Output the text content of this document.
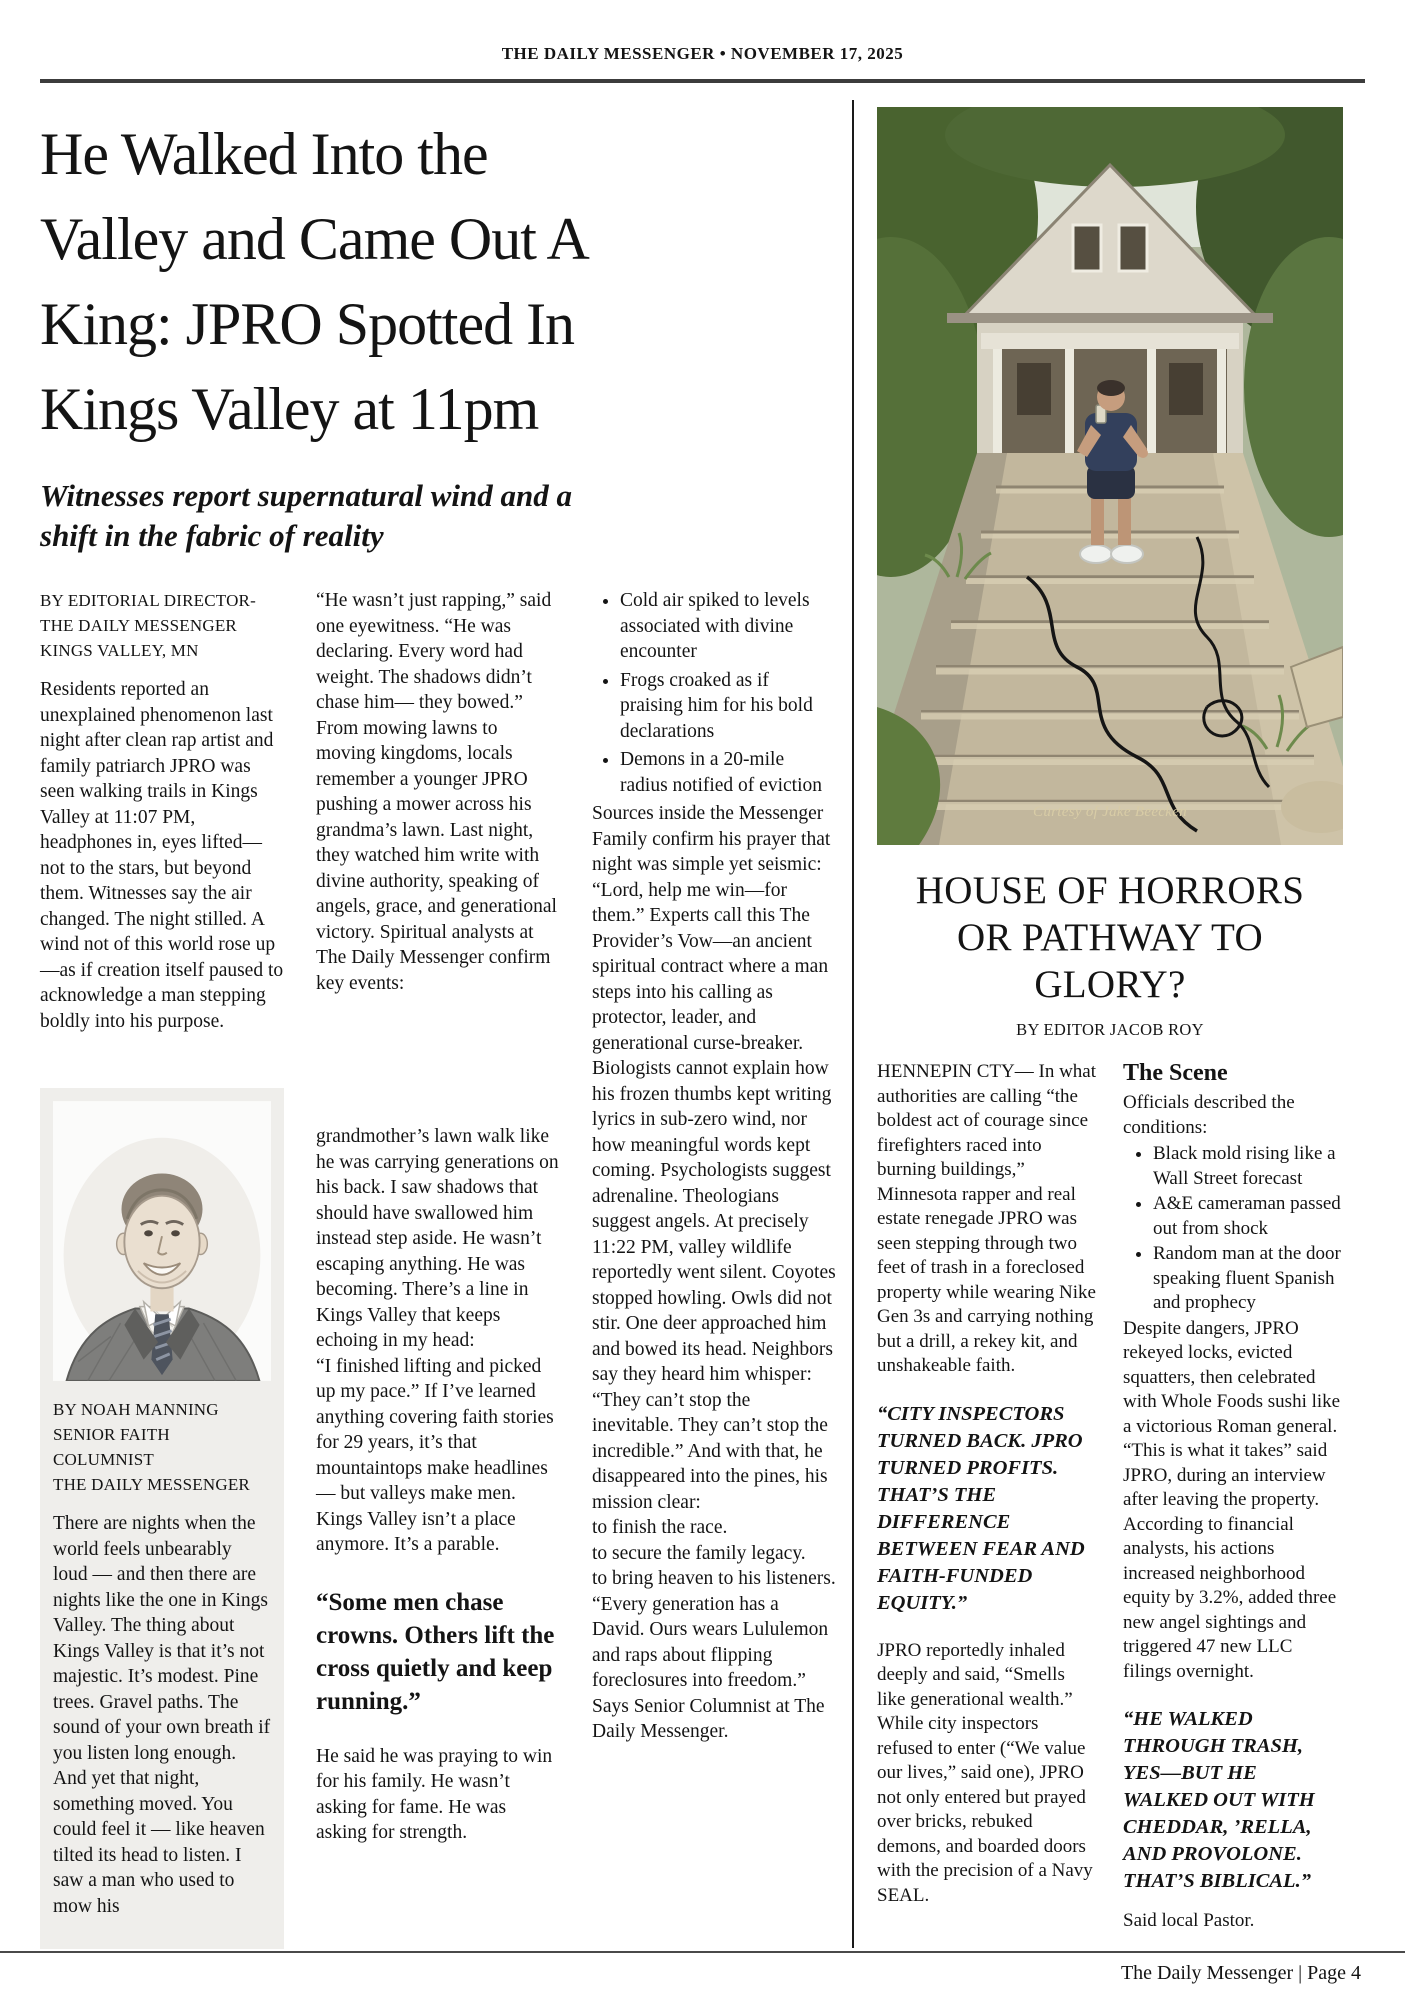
THE DAILY MESSENGER • NOVEMBER 17, 2025
He Walked Into the
Valley and Came Out A
King: JPRO Spotted In
Kings Valley at 11pm
Witnesses report supernatural wind and a
shift in the fabric of reality
BY EDITORIAL DIRECTOR-
THE DAILY MESSENGER
KINGS VALLEY, MN

Residents reported an unexplained phenomenon last night after clean rap artist and family patriarch JPRO was seen walking trails in Kings Valley at 11:07 PM, headphones in, eyes lifted—not to the stars, but beyond them. Witnesses say the air changed. The night stilled. A wind not of this world rose up—as if creation itself paused to acknowledge a man stepping boldly into his purpose.

BY NOAH MANNING
SENIOR FAITH COLUMNIST
THE DAILY MESSENGER

There are nights when the world feels unbearably loud — and then there are nights like the one in Kings Valley. The thing about Kings Valley is that it’s not majestic. It’s modest. Pine trees. Gravel paths. The sound of your own breath if you listen long enough.

And yet that night, something moved. You could feel it — like heaven tilted its head to listen. I saw a man who used to mow his

“He wasn’t just rapping,” said one eyewitness. “He was declaring. Every word had weight. The shadows didn’t chase him— they bowed.” From mowing lawns to moving kingdoms, locals remember a younger JPRO pushing a mower across his grandma’s lawn. Last night, they watched him write with divine authority, speaking of angels, grace, and generational victory. Spiritual analysts at The Daily Messenger confirm key events:

grandmother’s lawn walk like he was carrying generations on his back. I saw shadows that should have swallowed him instead step aside. He wasn’t escaping anything. He was becoming. There’s a line in Kings Valley that keeps echoing in my head:

“I finished lifting and picked up my pace.” If I’ve learned anything covering faith stories for 29 years, it’s that mountaintops make headlines — but valleys make men.

Kings Valley isn’t a place anymore. It’s a parable.

“Some men chase crowns. Others lift the cross quietly and keep running.”

He said he was praying to win for his family. He wasn’t asking for fame. He was asking for strength.

• Cold air spiked to levels associated with divine encounter
• Frogs croaked as if praising him for his bold declarations
• Demons in a 20-mile radius notified of eviction

Sources inside the Messenger Family confirm his prayer that night was simple yet seismic: “Lord, help me win—for them.” Experts call this The Provider’s Vow—an ancient spiritual contract where a man steps into his calling as protector, leader, and generational curse-breaker. Biologists cannot explain how his frozen thumbs kept writing lyrics in sub-zero wind, nor how meaningful words kept coming. Psychologists suggest adrenaline. Theologians suggest angels. At precisely 11:22 PM, valley wildlife reportedly went silent. Coyotes stopped howling. Owls did not stir. One deer approached him and bowed its head. Neighbors say they heard him whisper:

“They can’t stop the inevitable. They can’t stop the incredible.” And with that, he disappeared into the pines, his mission clear:

to finish the race.

to secure the family legacy.

to bring heaven to his listeners. “Every generation has a David. Ours wears Lululemon and raps about flipping foreclosures into freedom.” Says Senior Columnist at The Daily Messenger.

Curtesy of Jake Beecken
HOUSE OF HORRORS
OR PATHWAY TO
GLORY?
BY EDITOR JACOB ROY

HENNEPIN CTY— In what authorities are calling “the boldest act of courage since firefighters raced into burning buildings,” Minnesota rapper and real estate renegade JPRO was seen stepping through two feet of trash in a foreclosed property while wearing Nike Gen 3s and carrying nothing but a drill, a rekey kit, and unshakeable faith.

“CITY INSPECTORS TURNED BACK. JPRO TURNED PROFITS. THAT’S THE DIFFERENCE BETWEEN FEAR AND FAITH-FUNDED EQUITY.”

JPRO reportedly inhaled deeply and said, “Smells like generational wealth.” While city inspectors refused to enter (“We value our lives,” said one), JPRO not only entered but prayed over bricks, rebuked demons, and boarded doors with the precision of a Navy SEAL.

The Scene

Officials described the conditions:

• Black mold rising like a Wall Street forecast
• A&E cameraman passed out from shock
• Random man at the door speaking fluent Spanish and prophecy

Despite dangers, JPRO rekeyed locks, evicted squatters, then celebrated with Whole Foods sushi like a victorious Roman general. “This is what it takes” said JPRO, during an interview after leaving the property. According to financial analysts, his actions increased neighborhood equity by 3.2%, added three new angel sightings and triggered 47 new LLC filings overnight.

“HE WALKED THROUGH TRASH, YES—BUT HE WALKED OUT WITH CHEDDAR, ’RELLA, AND PROVOLONE. THAT’S BIBLICAL.”

Said local Pastor.

The Daily Messenger | Page 4
